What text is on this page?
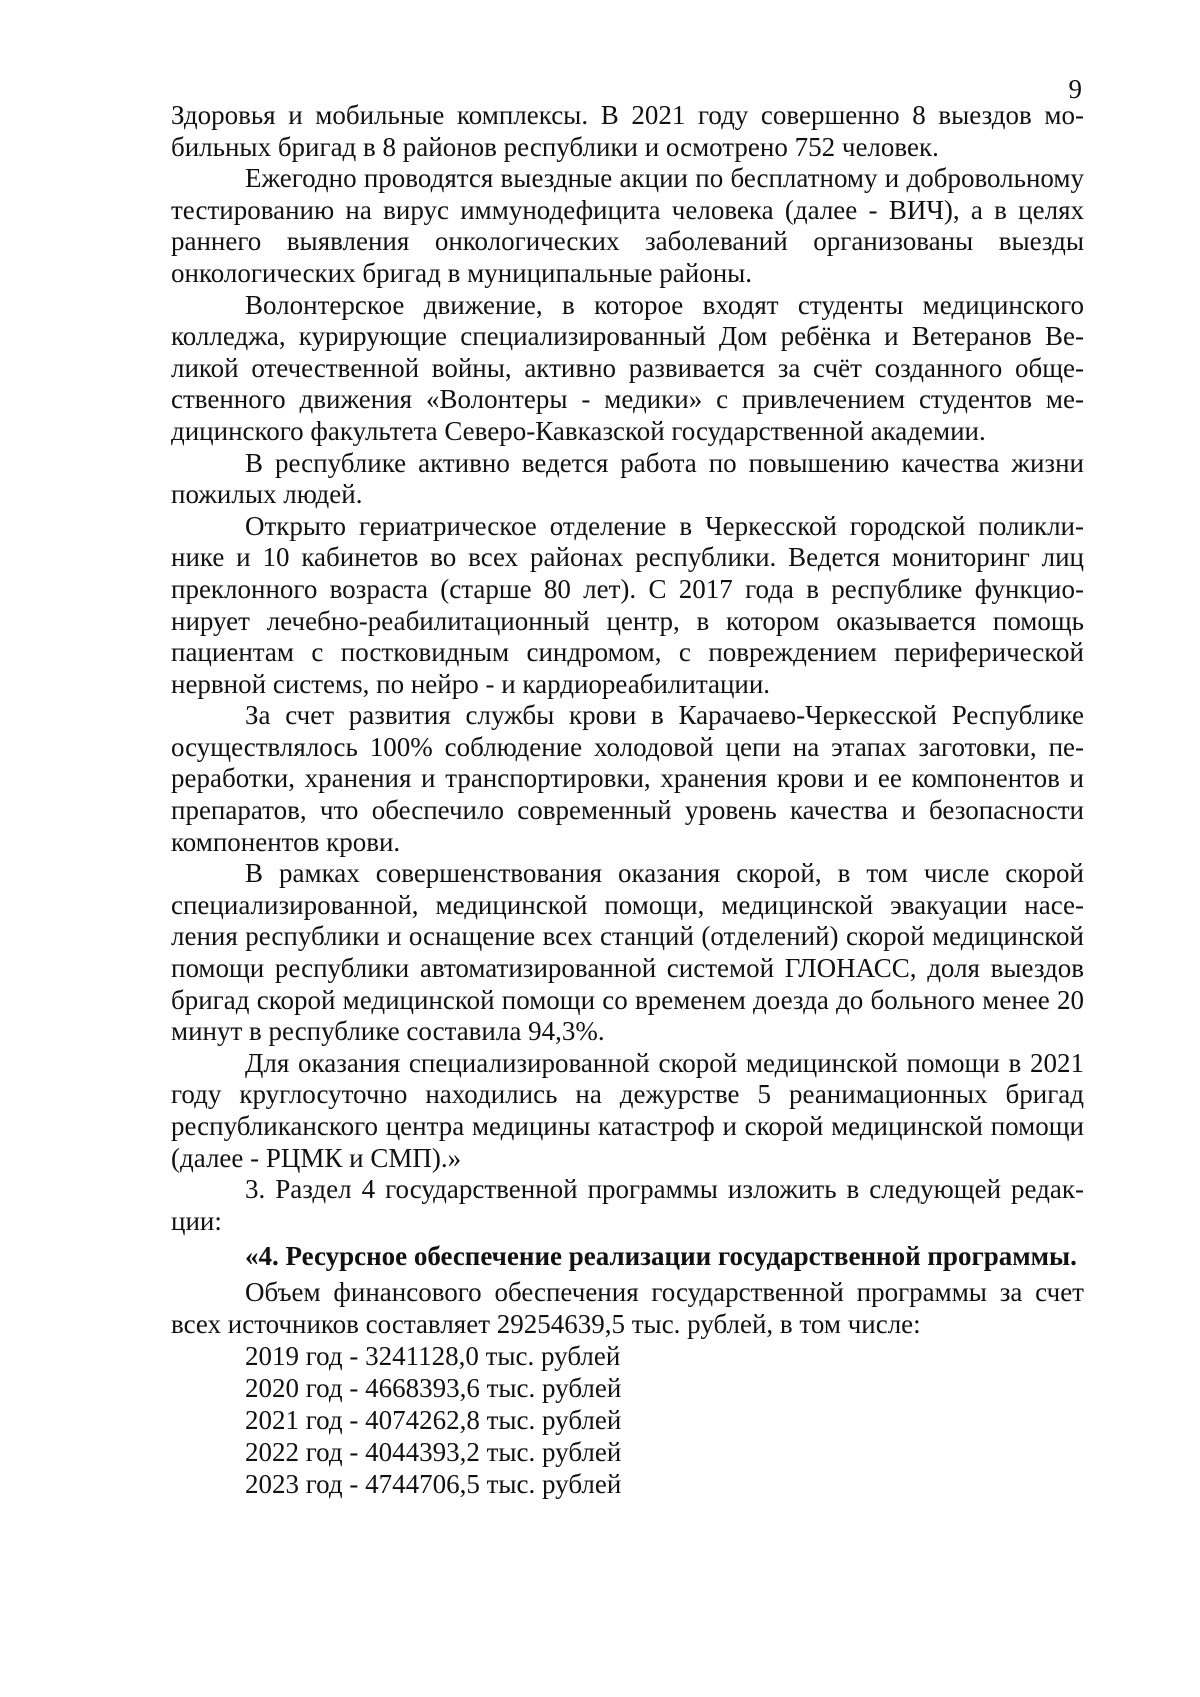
9

Здоровья и мобильные комплексы. В 2021 году совершенно 8 выездов мобильных бригад в 8 районов республики и осмотрено 752 человек.

Ежегодно проводятся выездные акции по бесплатному и добровольному тестированию на вирус иммунодефицита человека (далее - ВИЧ), а в целях раннего выявления онкологических заболеваний организованы выезды онкологических бригад в муниципальные районы.

Волонтерское движение, в которое входят студенты медицинского колледжа, курирующие специализированный Дом ребёнка и Ветеранов Великой отечественной войны, активно развивается за счёт созданного общественного движения «Волонтеры - медики» с привлечением студентов медицинского факультета Северо-Кавказской государственной академии.

В республике активно ведется работа по повышению качества жизни пожилых людей.

Открыто гериатрическое отделение в Черкесской городской поликлинике и 10 кабинетов во всех районах республики. Ведется мониторинг лиц преклонного возраста (старше 80 лет). С 2017 года в республике функционирует лечебно-реабилитационный центр, в котором оказывается помощь пациентам с постковидным синдромом, с повреждением периферической нервной системs, по нейро - и кардиореабилитации.

За счет развития службы крови в Карачаево-Черкесской Республике осуществлялось 100% соблюдение холодовой цепи на этапах заготовки, переработки, хранения и транспортировки, хранения крови и ее компонентов и препаратов, что обеспечило современный уровень качества и безопасности компонентов крови.

В рамках совершенствования оказания скорой, в том числе скорой специализированной, медицинской помощи, медицинской эвакуации населения республики и оснащение всех станций (отделений) скорой медицинской помощи республики автоматизированной системой ГЛОНАСС, доля выездов бригад скорой медицинской помощи со временем доезда до больного менее 20 минут в республике составила 94,3%.

Для оказания специализированной скорой медицинской помощи в 2021 году круглосуточно находились на дежурстве 5 реанимационных бригад республиканского центра медицины катастроф и скорой медицинской помощи (далее - РЦМК и СМП).»

3. Раздел 4 государственной программы изложить в следующей редакции:

«4. Ресурсное обеспечение реализации государственной программы.

Объем финансового обеспечения государственной программы за счет всех источников составляет 29254639,5 тыс. рублей, в том числе:

2019 год - 3241128,0 тыс. рублей
2020 год - 4668393,6 тыс. рублей
2021 год - 4074262,8 тыс. рублей
2022 год - 4044393,2 тыс. рублей
2023 год - 4744706,5 тыс. рублей
